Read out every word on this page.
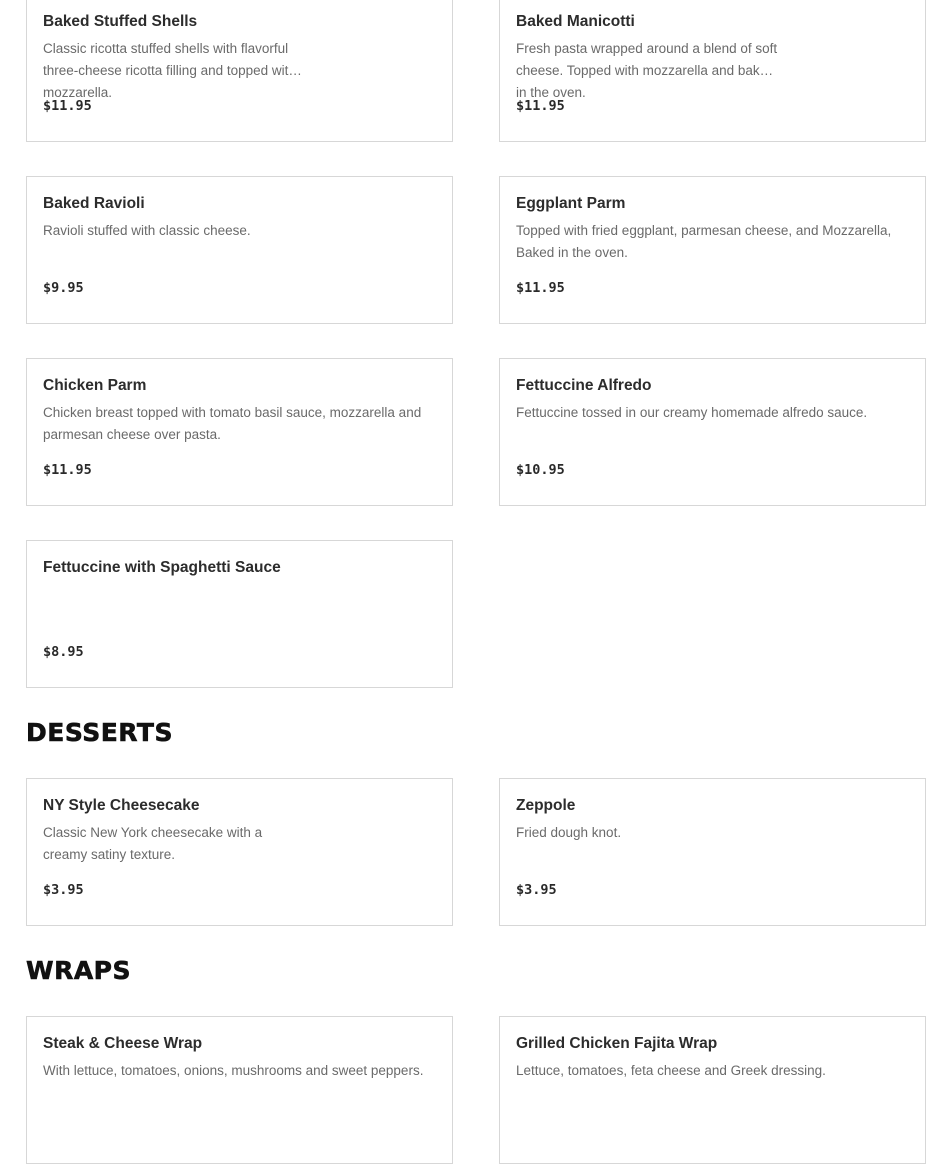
Baked Stuffed Shells
Classic ricotta stuffed shells with flavorful three-cheese ricotta filling and topped with mozzarella.
$11.95
Baked Manicotti
Fresh pasta wrapped around a blend of soft cheese. Topped with mozzarella and baked in the oven.
$11.95
Baked Ravioli
Ravioli stuffed with classic cheese.
$9.95
Eggplant Parm
Topped with fried eggplant, parmesan cheese, and Mozzarella, Baked in the oven.
$11.95
Chicken Parm
Chicken breast topped with tomato basil sauce, mozzarella and parmesan cheese over pasta.
$11.95
Fettuccine Alfredo
Fettuccine tossed in our creamy homemade alfredo sauce.
$10.95
Fettuccine with Spaghetti Sauce
$8.95
DESSERTS
NY Style Cheesecake
Classic New York cheesecake with a creamy satiny texture.
$3.95
Zeppole
Fried dough knot.
$3.95
WRAPS
Steak & Cheese Wrap
With lettuce, tomatoes, onions, mushrooms and sweet peppers.
Grilled Chicken Fajita Wrap
Lettuce, tomatoes, feta cheese and Greek dressing.
